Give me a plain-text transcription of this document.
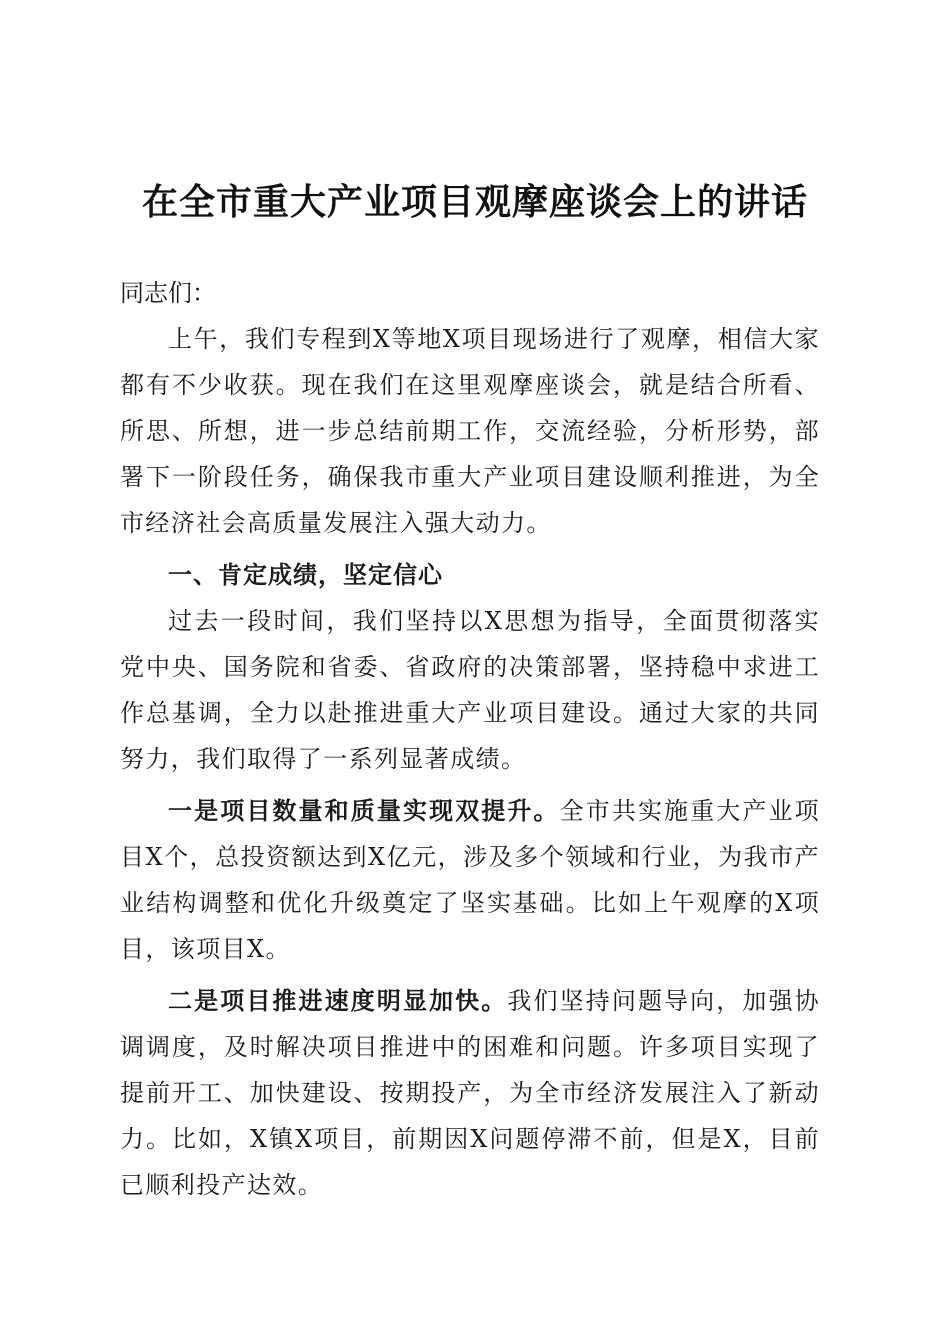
在全市重大产业项目观摩座谈会上的讲话

同志们：

上午，我们专程到X等地X项目现场进行了观摩，相信大家都有不少收获。现在我们在这里观摩座谈会，就是结合所看、所思、所想，进一步总结前期工作，交流经验，分析形势，部署下一阶段任务，确保我市重大产业项目建设顺利推进，为全市经济社会高质量发展注入强大动力。

一、肯定成绩，坚定信心

过去一段时间，我们坚持以X思想为指导，全面贯彻落实党中央、国务院和省委、省政府的决策部署，坚持稳中求进工作总基调，全力以赴推进重大产业项目建设。通过大家的共同努力，我们取得了一系列显著成绩。

一是项目数量和质量实现双提升。全市共实施重大产业项目X个，总投资额达到X亿元，涉及多个领域和行业，为我市产业结构调整和优化升级奠定了坚实基础。比如上午观摩的X项目，该项目X。

二是项目推进速度明显加快。我们坚持问题导向，加强协调调度，及时解决项目推进中的困难和问题。许多项目实现了提前开工、加快建设、按期投产，为全市经济发展注入了新动力。比如，X镇X项目，前期因X问题停滞不前，但是X，目前已顺利投产达效。
